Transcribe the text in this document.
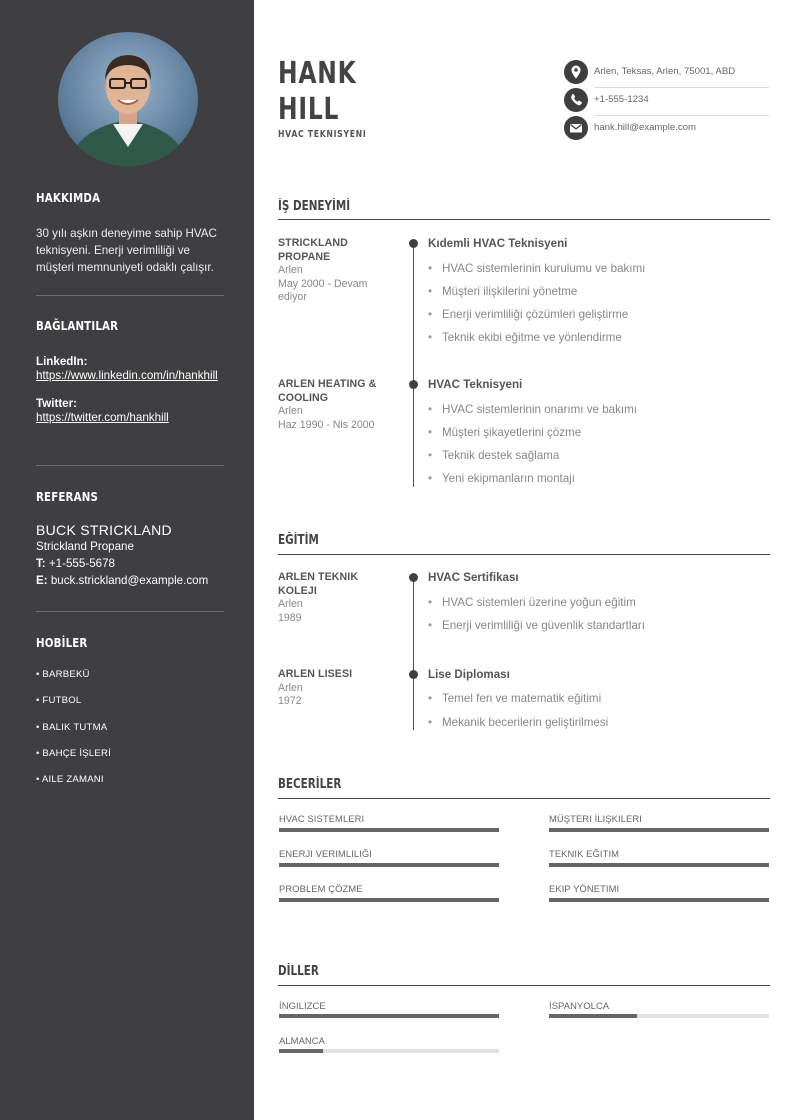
HAKKIMDA
30 yılı aşkın deneyime sahip HVAC teknisyeni. Enerji verimliliği ve müşteri memnuniyeti odaklı çalışır.
BAĞLANTILAR
LinkedIn:
https://www.linkedin.com/in/hankhill
Twitter:
https://twitter.com/hankhill
REFERANS
BUCK STRICKLAND
Strickland Propane
T: +1-555-5678
E: buck.strickland@example.com
HOBİLER
• BARBEKÜ
• FUTBOL
• BALIK TUTMA
• BAHÇE İŞLERİ
• AILE ZAMANI
HANK
HILL
HVAC TEKNISYENI
Arlen, Teksas, Arlen, 75001, ABD
+1-555-1234
hank.hill@example.com
İŞ DENEYİMİ
STRICKLAND PROPANE
Arlen
May 2000 - Devam ediyor
Kıdemli HVAC Teknisyeni
• HVAC sistemlerinin kurulumu ve bakımı
• Müşteri ilişkilerini yönetme
• Enerji verimliliği çözümleri geliştirme
• Teknik ekibi eğitme ve yönlendirme
ARLEN HEATING & COOLING
Arlen
Haz 1990 - Nis 2000
HVAC Teknisyeni
• HVAC sistemlerinin onarımı ve bakımı
• Müşteri şikayetlerini çözme
• Teknik destek sağlama
• Yeni ekipmanların montajı
EĞİTİM
ARLEN TEKNIK KOLEJI
Arlen
1989
HVAC Sertifikası
• HVAC sistemleri üzerine yoğun eğitim
• Enerji verimliliği ve güvenlik standartları
ARLEN LISESI
Arlen
1972
Lise Diploması
• Temel fen ve matematik eğitimi
• Mekanik becerilerin geliştirilmesi
BECERİLER
HVAC SISTEMLERI	MÜŞTERI İLIŞKILERI
ENERJI VERIMLILIĞI	TEKNIK EĞITIM
PROBLEM ÇÖZME	EKIP YÖNETIMI
DİLLER
İNGILIZCE	İSPANYOLCA
ALMANCA
